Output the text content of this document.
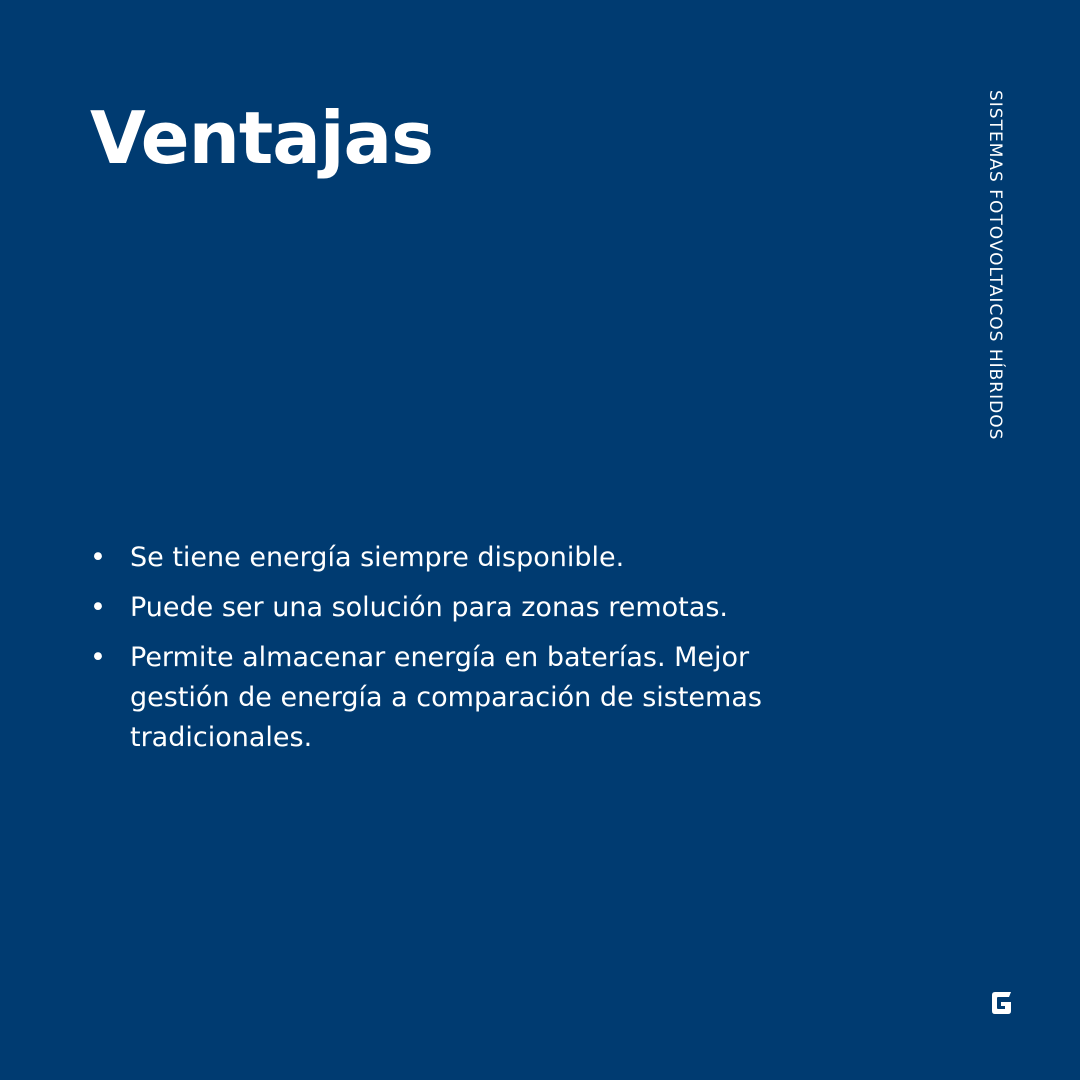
Ventajas	SISTEMAS FOTOVOLTAICOS HÍBRIDOS
• Se tiene energía siempre disponible.
• Puede ser una solución para zonas remotas.
• Permite almacenar energía en baterías. Mejor gestión de energía a comparación de sistemas tradicionales.
